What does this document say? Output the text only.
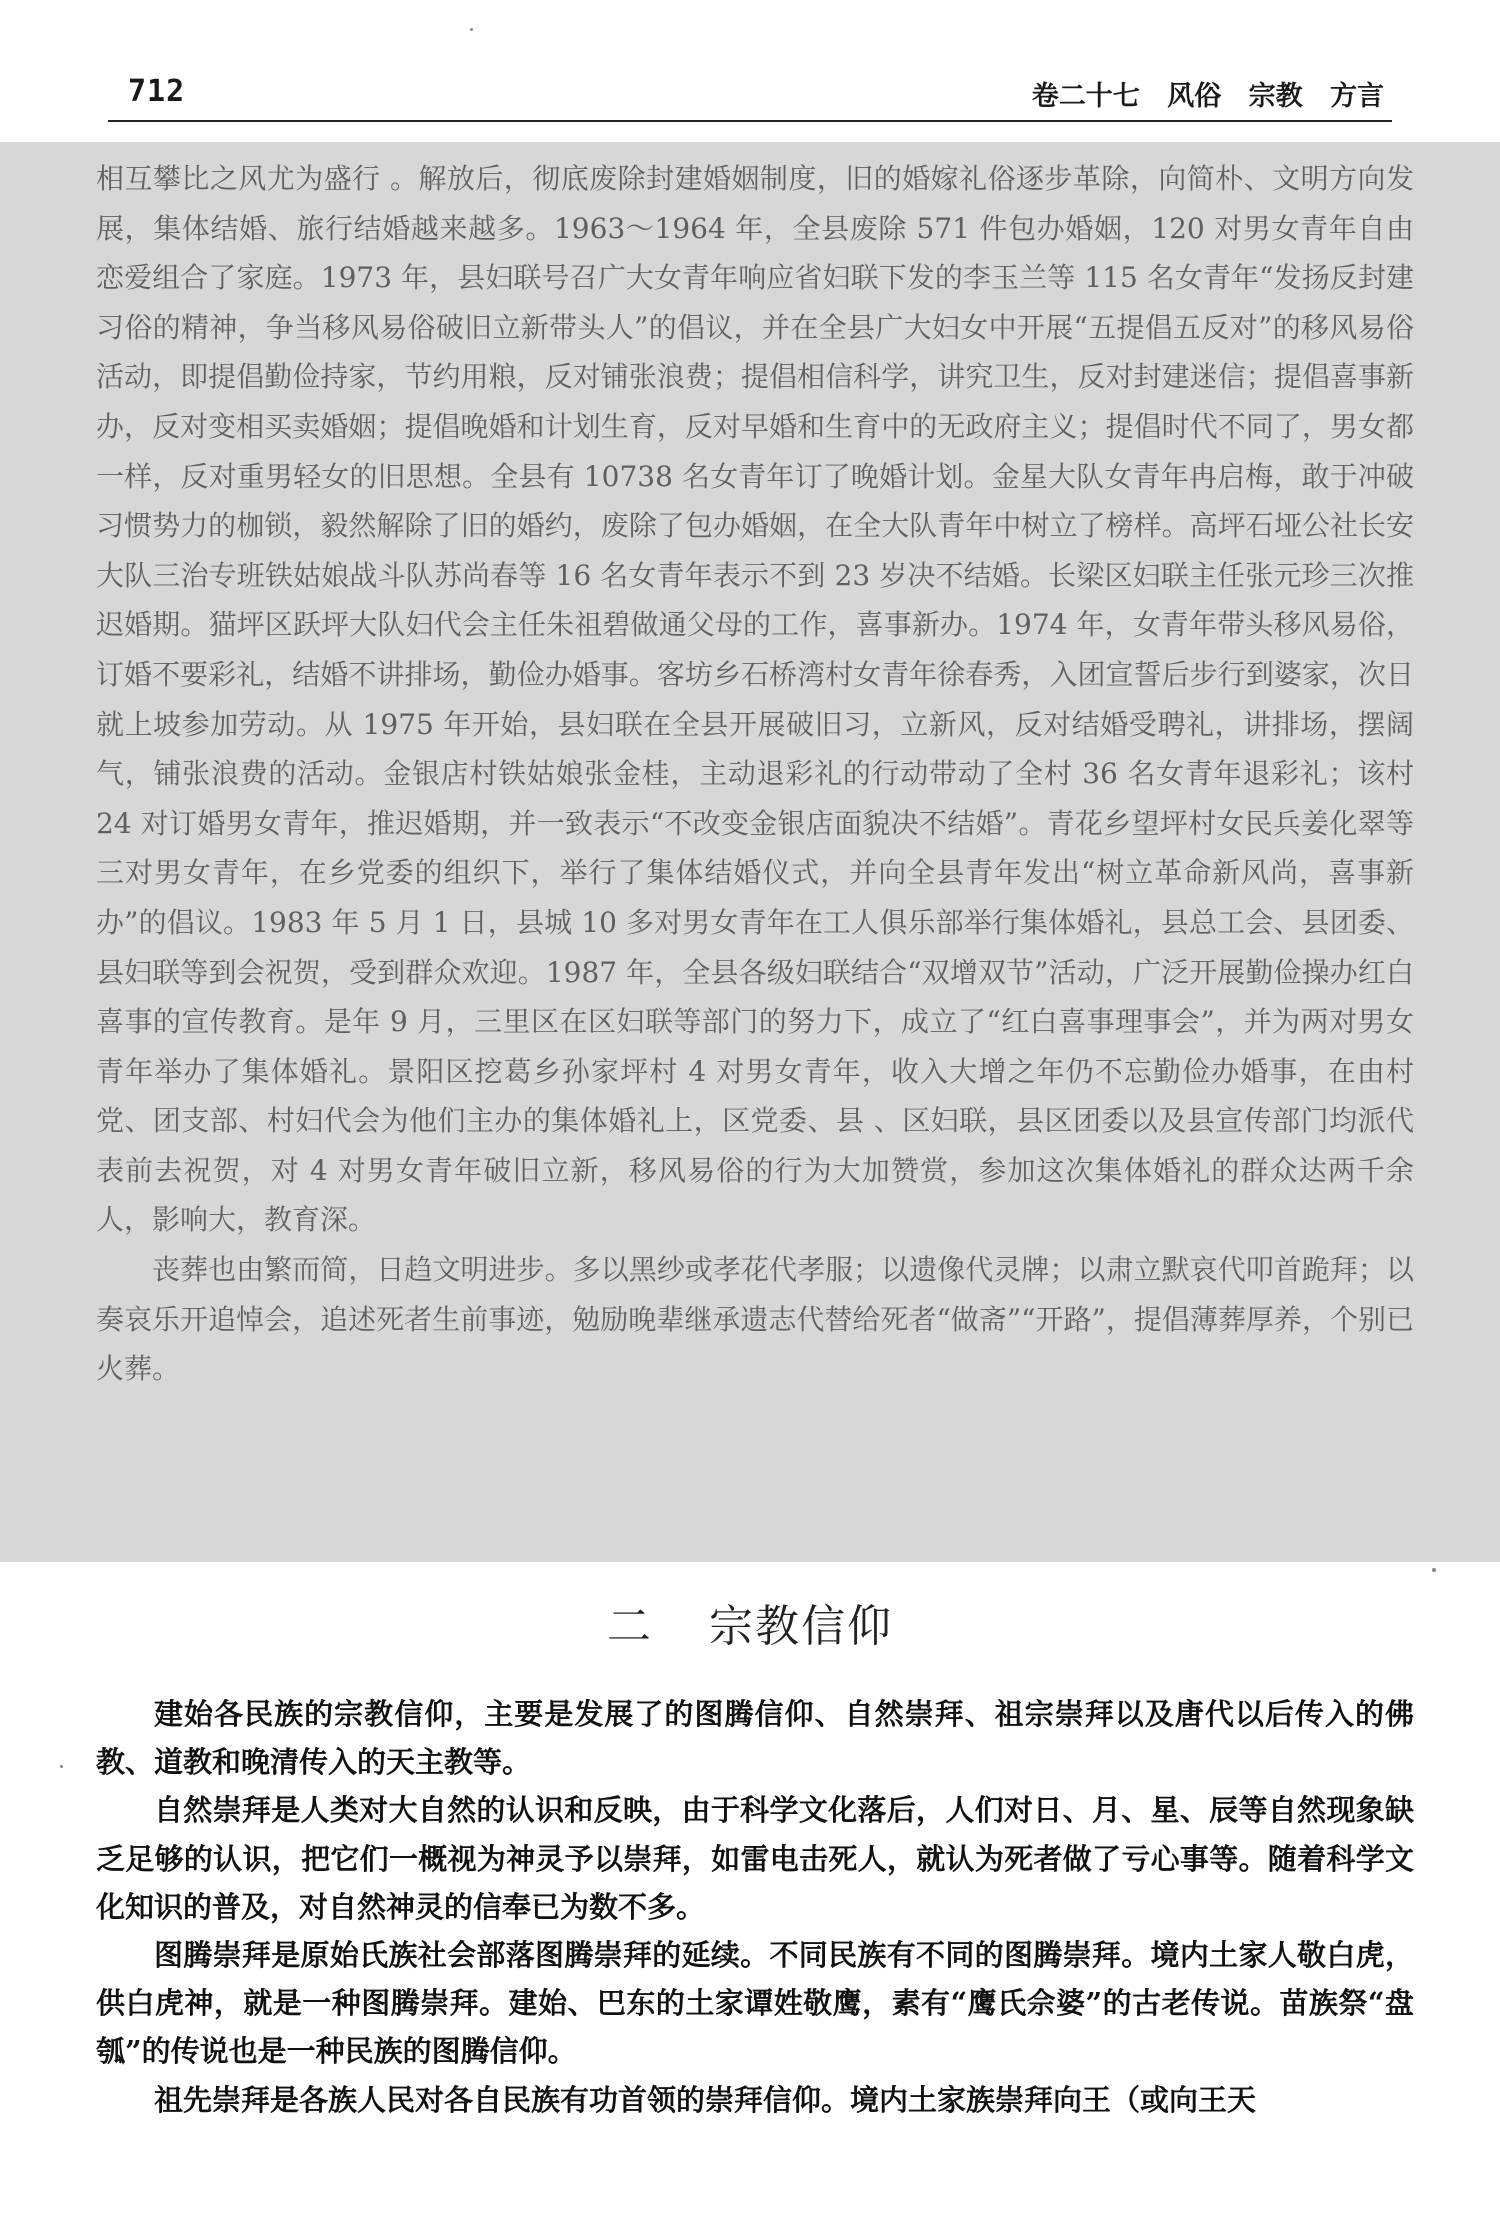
712	卷二十七 风俗 宗教 方言

相互攀比之风尤为盛行 。解放后，彻底废除封建婚姻制度，旧的婚嫁礼俗逐步革除，向简朴、文明方向发展，集体结婚、旅行结婚越来越多。1963～1964 年，全县废除 571 件包办婚姻，120 对男女青年自由恋爱组合了家庭。1973 年，县妇联号召广大女青年响应省妇联下发的李玉兰等 115 名女青年“发扬反封建习俗的精神，争当移风易俗破旧立新带头人”的倡议，并在全县广大妇女中开展“五提倡五反对”的移风易俗活动，即提倡勤俭持家，节约用粮，反对铺张浪费；提倡相信科学，讲究卫生，反对封建迷信；提倡喜事新办，反对变相买卖婚姻；提倡晚婚和计划生育，反对早婚和生育中的无政府主义；提倡时代不同了，男女都一样，反对重男轻女的旧思想。全县有 10738 名女青年订了晚婚计划。金星大队女青年冉启梅，敢于冲破习惯势力的枷锁，毅然解除了旧的婚约，废除了包办婚姻，在全大队青年中树立了榜样。高坪石垭公社长安大队三治专班铁姑娘战斗队苏尚春等 16 名女青年表示不到 23 岁决不结婚。长梁区妇联主任张元珍三次推迟婚期。猫坪区跃坪大队妇代会主任朱祖碧做通父母的工作，喜事新办。1974 年，女青年带头移风易俗，订婚不要彩礼，结婚不讲排场，勤俭办婚事。客坊乡石桥湾村女青年徐春秀，入团宣誓后步行到婆家，次日就上坡参加劳动。从 1975 年开始，县妇联在全县开展破旧习，立新风，反对结婚受聘礼，讲排场，摆阔气，铺张浪费的活动。金银店村铁姑娘张金桂，主动退彩礼的行动带动了全村 36 名女青年退彩礼；该村 24 对订婚男女青年，推迟婚期，并一致表示“不改变金银店面貌决不结婚”。青花乡望坪村女民兵姜化翠等三对男女青年，在乡党委的组织下，举行了集体结婚仪式，并向全县青年发出“树立革命新风尚，喜事新办”的倡议。1983 年 5 月 1 日，县城 10 多对男女青年在工人俱乐部举行集体婚礼，县总工会、县团委、县妇联等到会祝贺，受到群众欢迎。1987 年，全县各级妇联结合“双增双节”活动，广泛开展勤俭操办红白喜事的宣传教育。是年 9 月，三里区在区妇联等部门的努力下，成立了“红白喜事理事会”，并为两对男女青年举办了集体婚礼。景阳区挖葛乡孙家坪村 4 对男女青年，收入大增之年仍不忘勤俭办婚事，在由村党、团支部、村妇代会为他们主办的集体婚礼上，区党委、县 、区妇联，县区团委以及县宣传部门均派代表前去祝贺，对 4 对男女青年破旧立新，移风易俗的行为大加赞赏，参加这次集体婚礼的群众达两千余人，影响大，教育深。

丧葬也由繁而简，日趋文明进步。多以黑纱或孝花代孝服；以遗像代灵牌；以肃立默哀代叩首跪拜；以奏哀乐开追悼会，追述死者生前事迹，勉励晚辈继承遗志代替给死者“做斋”“开路”，提倡薄葬厚养，个别已火葬。

二 宗教信仰

建始各民族的宗教信仰，主要是发展了的图腾信仰、自然崇拜、祖宗崇拜以及唐代以后传入的佛教、道教和晚清传入的天主教等。

自然崇拜是人类对大自然的认识和反映，由于科学文化落后，人们对日、月、星、辰等自然现象缺乏足够的认识，把它们一概视为神灵予以崇拜，如雷电击死人，就认为死者做了亏心事等。随着科学文化知识的普及，对自然神灵的信奉已为数不多。

图腾崇拜是原始氏族社会部落图腾崇拜的延续。不同民族有不同的图腾崇拜。境内土家人敬白虎，供白虎神，就是一种图腾崇拜。建始、巴东的土家谭姓敬鹰，素有“鹰氏佘婆”的古老传说。苗族祭“盘瓠”的传说也是一种民族的图腾信仰。

祖先崇拜是各族人民对各自民族有功首领的崇拜信仰。境内土家族崇拜向王（或向王天
